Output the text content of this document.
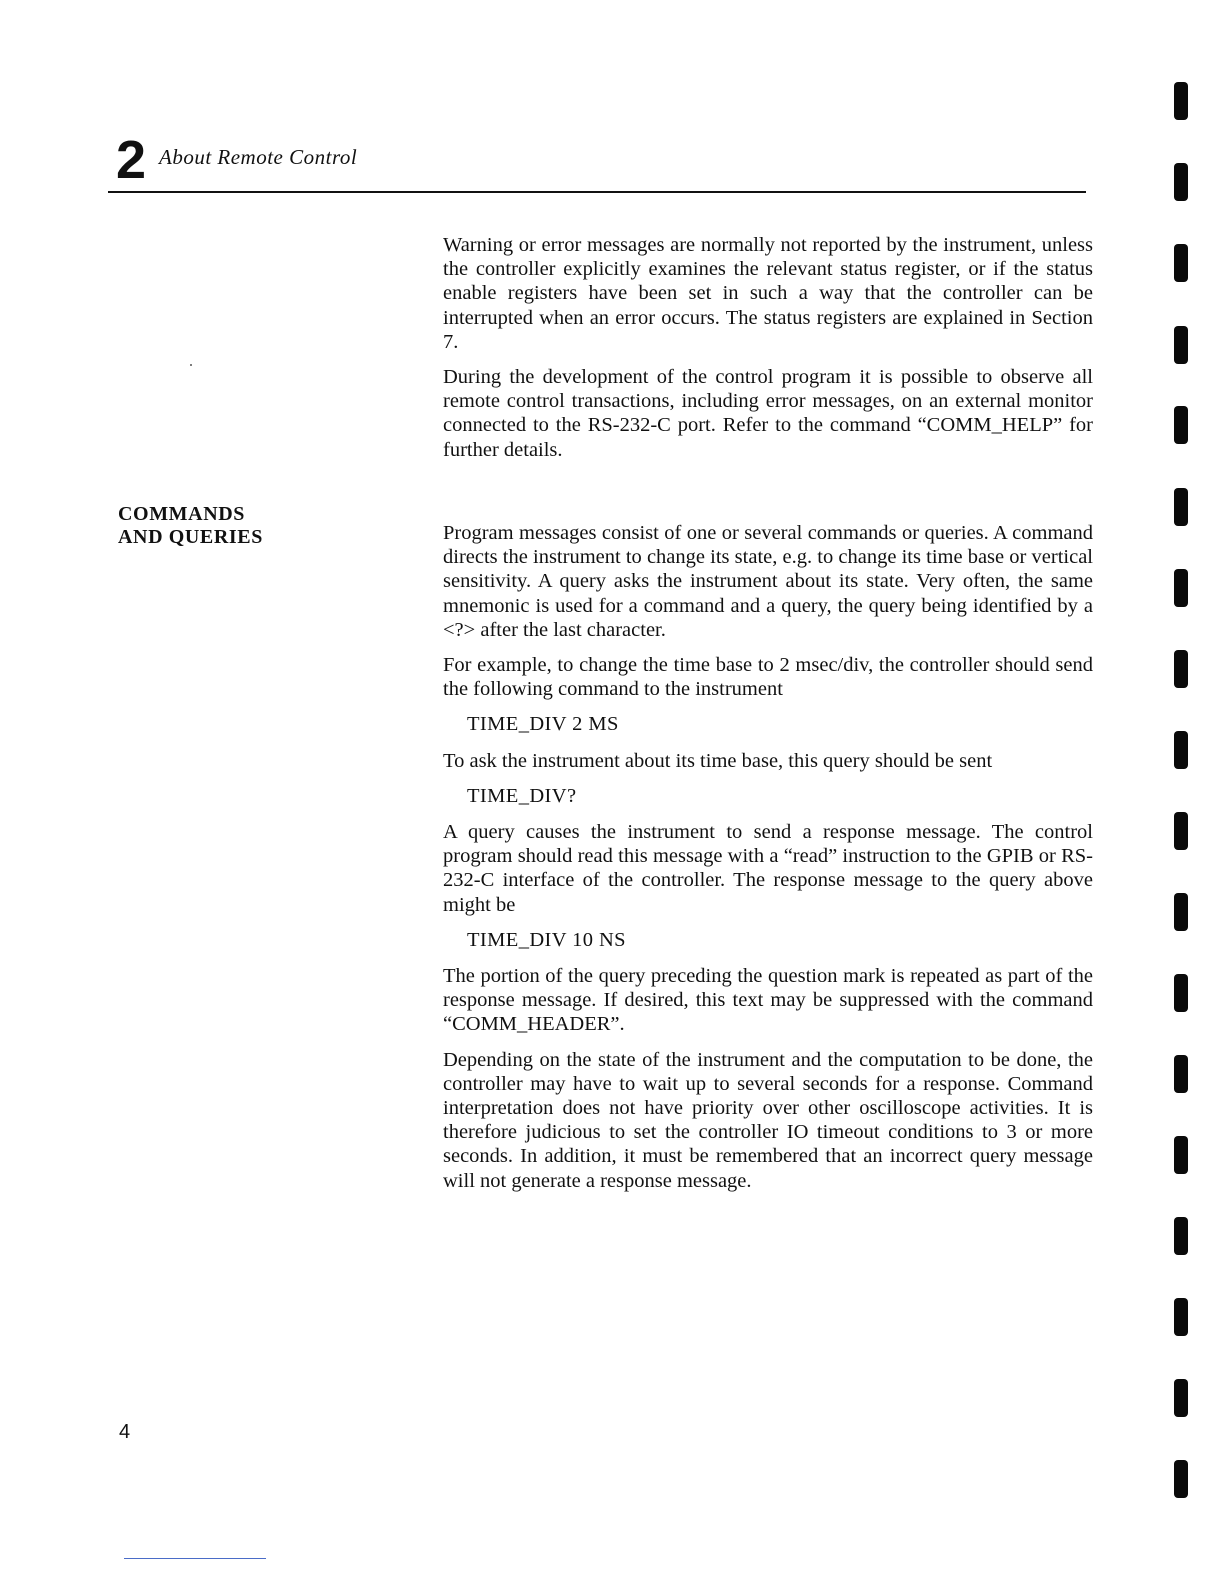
2 About Remote Control

Warning or error messages are normally not reported by the instrument, unless the controller explicitly examines the relevant status register, or if the status enable registers have been set in such a way that the controller can be interrupted when an error occurs. The status registers are explained in Section 7.

During the development of the control program it is possible to observe all remote control transactions, including error messages, on an external monitor connected to the RS-232-C port. Refer to the command “COMM_HELP” for further details.

COMMANDS
AND QUERIES	Program messages consist of one or several commands or queries. A command directs the instrument to change its state, e.g. to change its time base or vertical sensitivity. A query asks the instrument about its state. Very often, the same mnemonic is used for a command and a query, the query being identified by a <?> after the last character.

For example, to change the time base to 2 msec/div, the controller should send the following command to the instrument

TIME_DIV 2 MS

To ask the instrument about its time base, this query should be sent

TIME_DIV?

A query causes the instrument to send a response message. The control program should read this message with a “read” instruction to the GPIB or RS-232-C interface of the controller. The response message to the query above might be

TIME_DIV 10 NS

The portion of the query preceding the question mark is repeated as part of the response message. If desired, this text may be suppressed with the command “COMM_HEADER”.

Depending on the state of the instrument and the computation to be done, the controller may have to wait up to several seconds for a response. Command interpretation does not have priority over other oscilloscope activities. It is therefore judicious to set the controller IO timeout conditions to 3 or more seconds. In addition, it must be remembered that an incorrect query message will not generate a response message.

4
